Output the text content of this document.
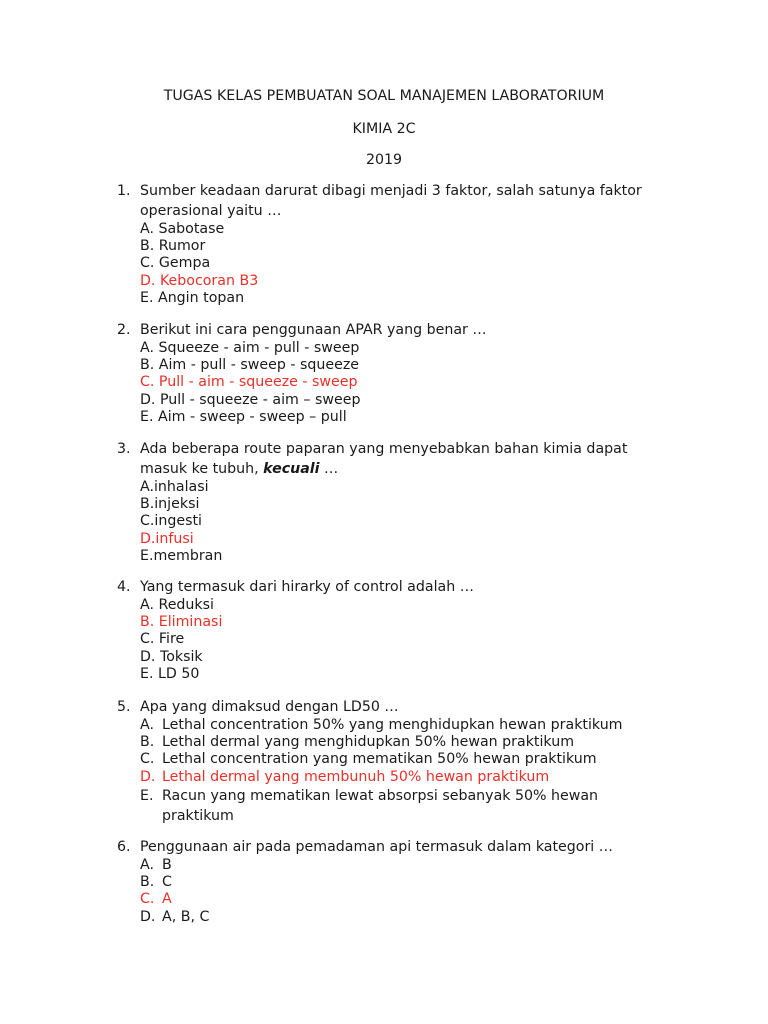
TUGAS KELAS PEMBUATAN SOAL MANAJEMEN LABORATORIUM
KIMIA 2C
2019
1. Sumber keadaan darurat dibagi menjadi 3 faktor, salah satunya faktor operasional yaitu …
A. Sabotase
B. Rumor
C. Gempa
D. Kebocoran B3
E. Angin topan
2. Berikut ini cara penggunaan APAR yang benar …
A. Squeeze - aim - pull - sweep
B. Aim - pull - sweep - squeeze
C. Pull - aim - squeeze - sweep
D. Pull - squeeze - aim – sweep
E. Aim - sweep - sweep – pull
3. Ada beberapa route paparan yang menyebabkan bahan kimia dapat masuk ke tubuh, kecuali …
A.inhalasi
B.injeksi
C.ingesti
D.infusi
E.membran
4. Yang termasuk dari hirarky of control adalah …
A. Reduksi
B. Eliminasi
C. Fire
D. Toksik
E. LD 50
5. Apa yang dimaksud dengan LD50 …
A. Lethal concentration 50% yang menghidupkan hewan praktikum
B. Lethal dermal yang menghidupkan 50% hewan praktikum
C. Lethal concentration yang mematikan 50% hewan praktikum
D. Lethal dermal yang membunuh 50% hewan praktikum
E. Racun yang mematikan lewat absorpsi sebanyak 50% hewan praktikum
6. Penggunaan air pada pemadaman api termasuk dalam kategori …
A. B
B. C
C. A
D. A, B, C
